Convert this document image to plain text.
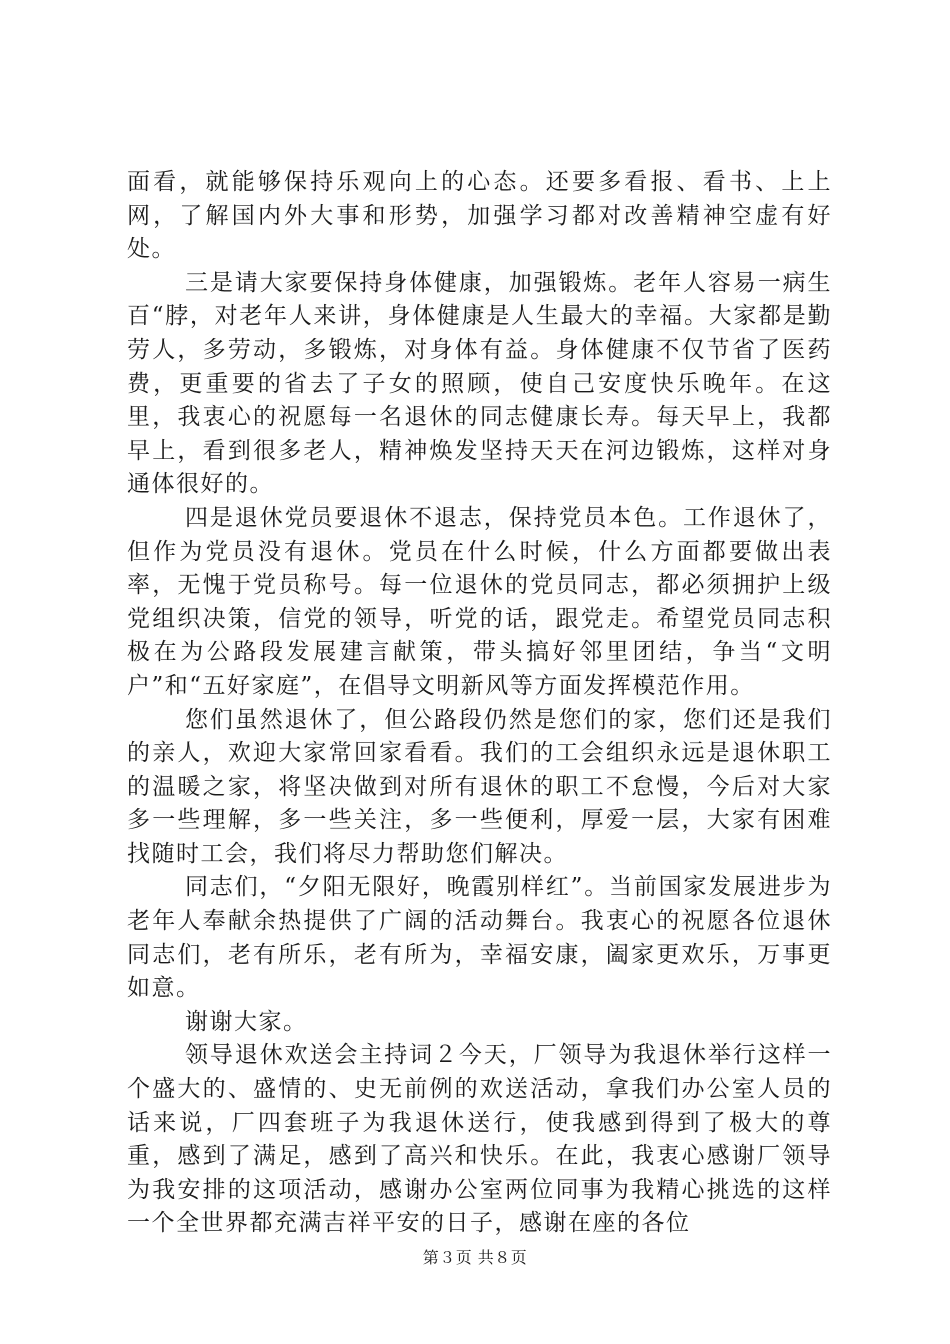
面看，就能够保持乐观向上的心态。还要多看报、看书、上上网，了解国内外大事和形势，加强学习都对改善精神空虚有好处。

三是请大家要保持身体健康，加强锻炼。老年人容易一病生百“脖，对老年人来讲，身体健康是人生最大的幸福。大家都是勤劳人，多劳动，多锻炼，对身体有益。身体健康不仅节省了医药费，更重要的省去了子女的照顾，使自己安度快乐晚年。在这里，我衷心的祝愿每一名退休的同志健康长寿。每天早上，我都早上，看到很多老人，精神焕发坚持天天在河边锻炼，这样对身通体很好的。

四是退休党员要退休不退志，保持党员本色。工作退休了，但作为党员没有退休。党员在什么时候，什么方面都要做出表率，无愧于党员称号。每一位退休的党员同志，都必须拥护上级党组织决策，信党的领导，听党的话，跟党走。希望党员同志积极在为公路段发展建言献策，带头搞好邻里团结，争当“文明户”和“五好家庭”，在倡导文明新风等方面发挥模范作用。

您们虽然退休了，但公路段仍然是您们的家，您们还是我们的亲人，欢迎大家常回家看看。我们的工会组织永远是退休职工的温暖之家，将坚决做到对所有退休的职工不怠慢，今后对大家多一些理解，多一些关注，多一些便利，厚爱一层，大家有困难找随时工会，我们将尽力帮助您们解决。

同志们，“夕阳无限好，晚霞别样红”。当前国家发展进步为老年人奉献余热提供了广阔的活动舞台。我衷心的祝愿各位退休同志们，老有所乐，老有所为，幸福安康，阖家更欢乐，万事更如意。

谢谢大家。

领导退休欢送会主持词２今天，厂领导为我退休举行这样一个盛大的、盛情的、史无前例的欢送活动，拿我们办公室人员的话来说，厂四套班子为我退休送行，使我感到得到了极大的尊重，感到了满足，感到了高兴和快乐。在此，我衷心感谢厂领导为我安排的这项活动，感谢办公室两位同事为我精心挑选的这样一个全世界都充满吉祥平安的日子，感谢在座的各位

第３页 共８页
